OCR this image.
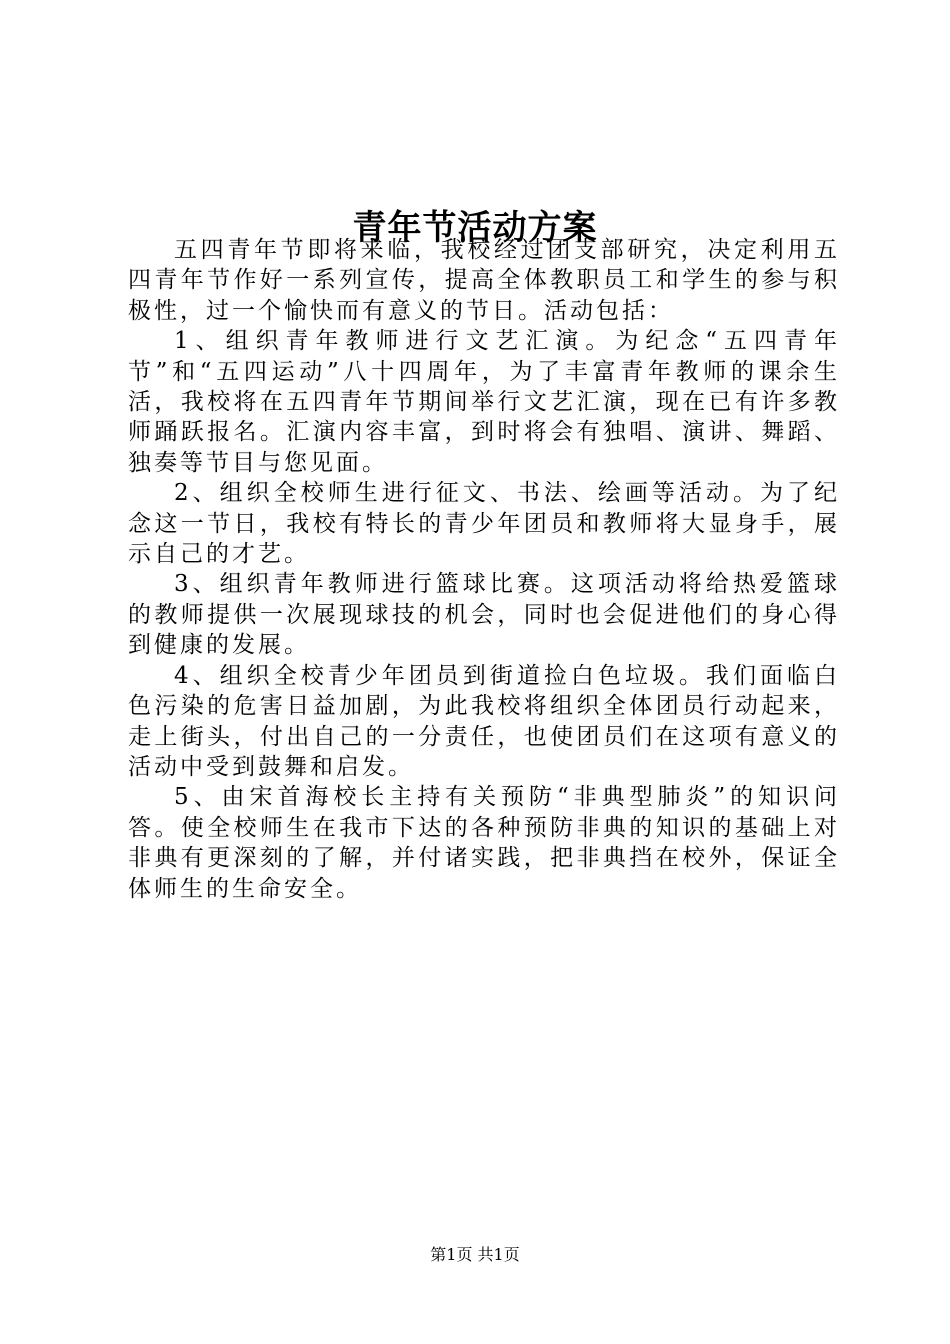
青年节活动方案

五四青年节即将来临，我校经过团支部研究，决定利用五四青年节作好一系列宣传，提高全体教职员工和学生的参与积极性，过一个愉快而有意义的节日。活动包括：

1、组织青年教师进行文艺汇演。为纪念“五四青年节”和“五四运动”八十四周年，为了丰富青年教师的课余生活，我校将在五四青年节期间举行文艺汇演，现在已有许多教师踊跃报名。汇演内容丰富，到时将会有独唱、演讲、舞蹈、独奏等节目与您见面。

2、组织全校师生进行征文、书法、绘画等活动。为了纪念这一节日，我校有特长的青少年团员和教师将大显身手，展示自己的才艺。

3、组织青年教师进行篮球比赛。这项活动将给热爱篮球的教师提供一次展现球技的机会，同时也会促进他们的身心得到健康的发展。

4、组织全校青少年团员到街道捡白色垃圾。我们面临白色污染的危害日益加剧，为此我校将组织全体团员行动起来，走上街头，付出自己的一分责任，也使团员们在这项有意义的活动中受到鼓舞和启发。

5、由宋首海校长主持有关预防“非典型肺炎”的知识问答。使全校师生在我市下达的各种预防非典的知识的基础上对非典有更深刻的了解，并付诸实践，把非典挡在校外，保证全体师生的生命安全。

第1页 共1页
